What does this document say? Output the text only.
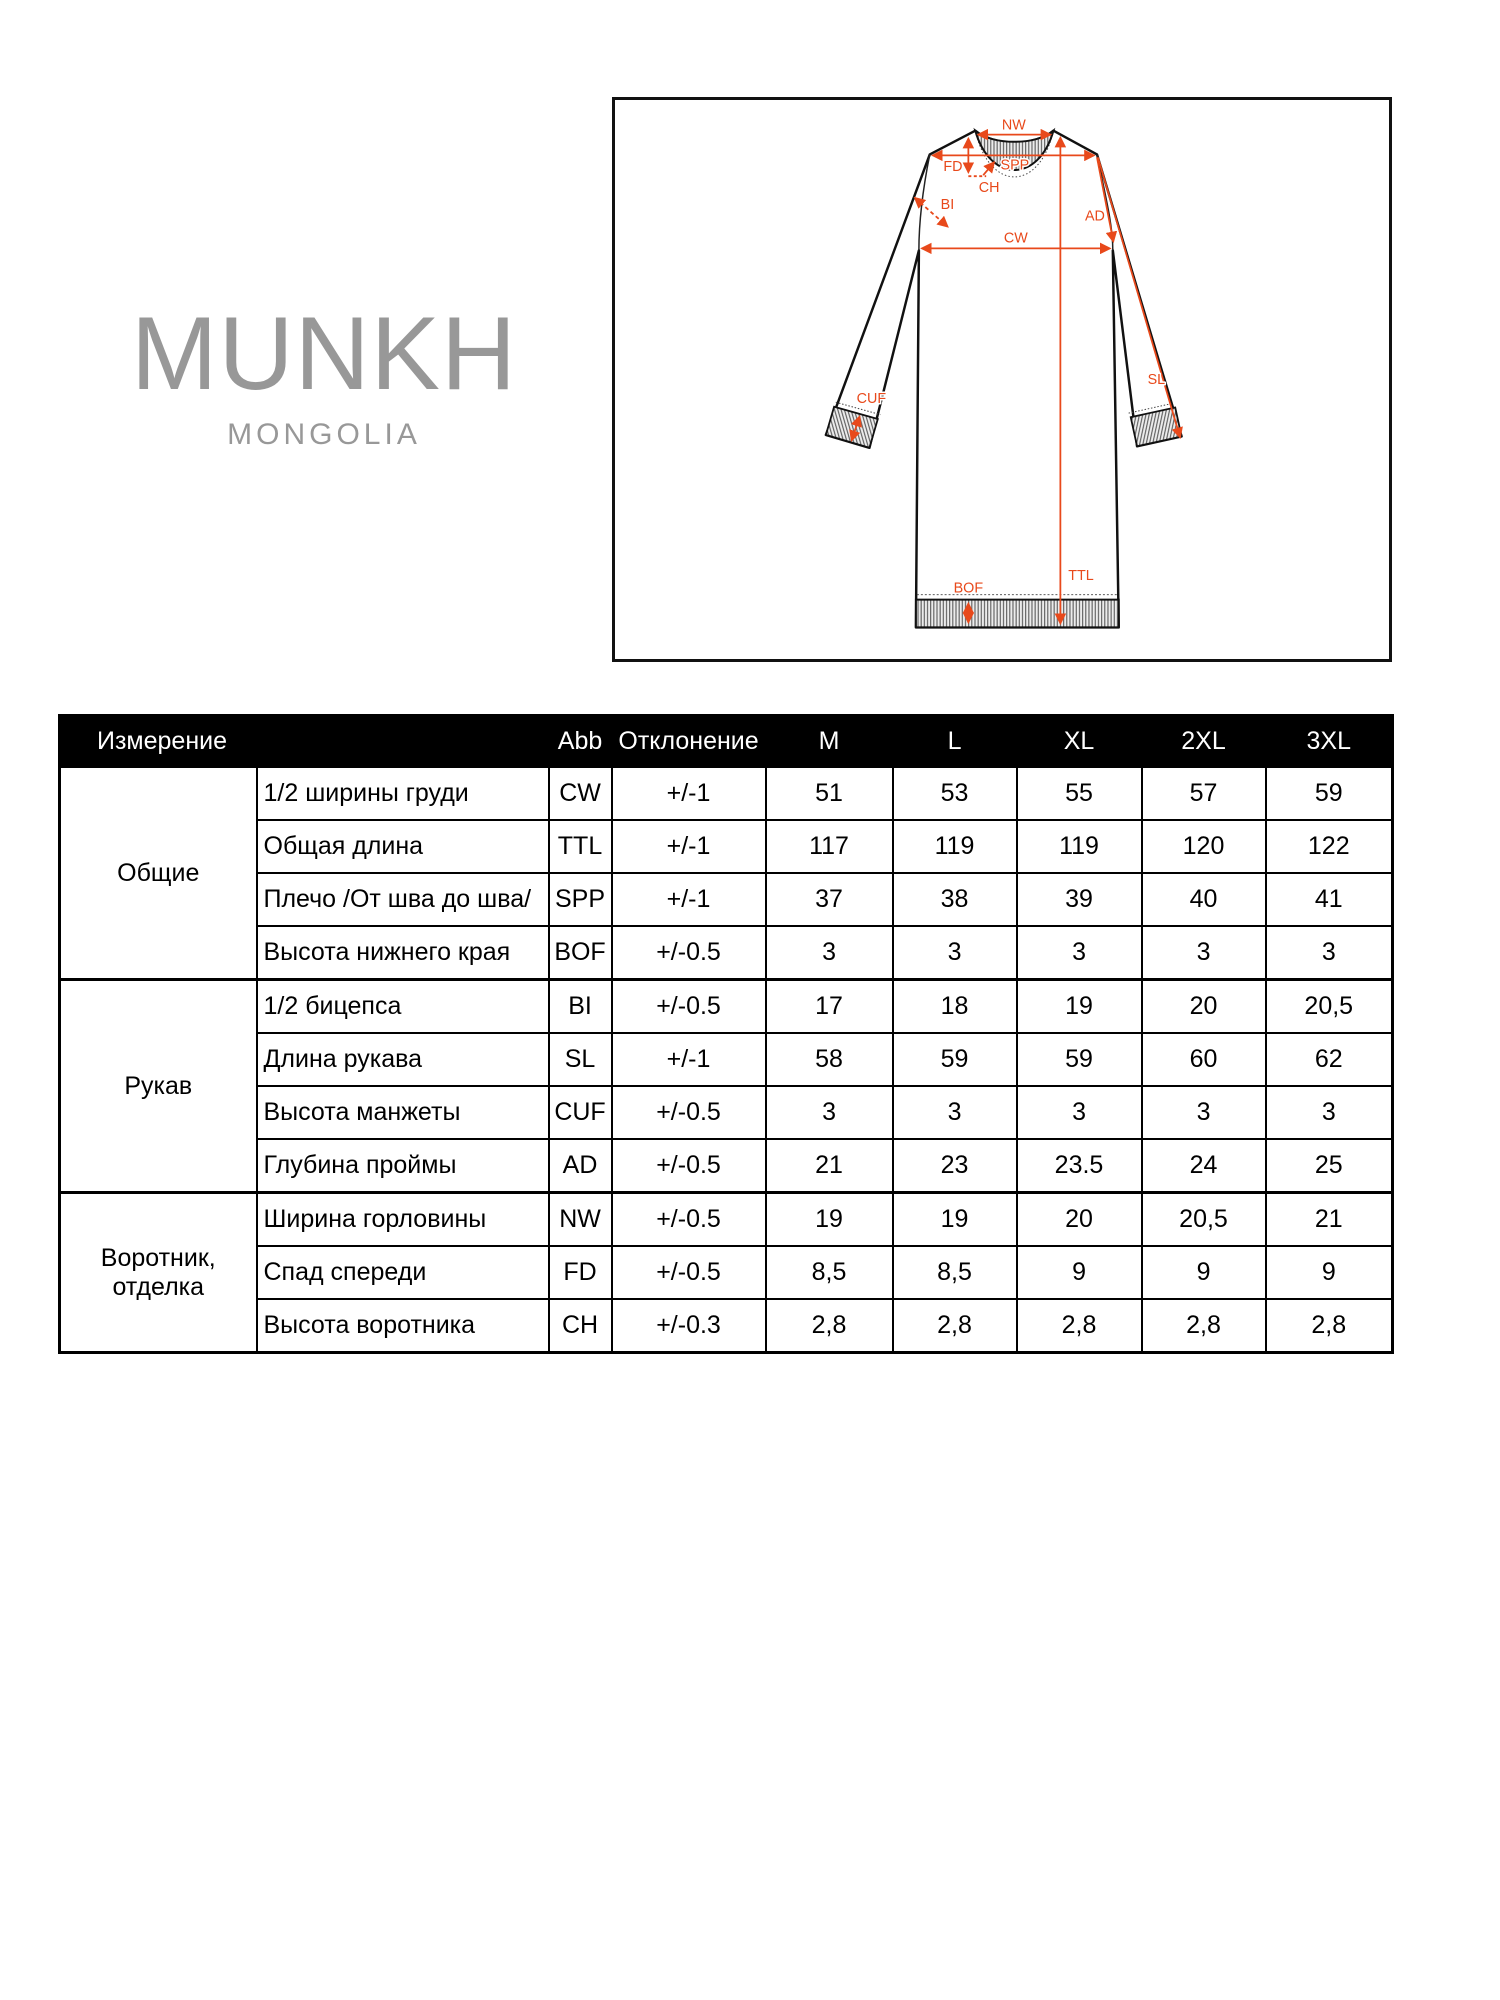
MUNKH
MONGOLIA
NW
SPP
FD
CH
BI
AD
CW
SL
TTL
CUF
BOF
Измерение		Abb	Отклонение	M	L	XL	2XL	3XL
Общие	1/2 ширины груди	CW	+/-1	51	53	55	57	59
	Общая длина	TTL	+/-1	117	119	119	120	122
	Плечо /От шва до шва/	SPP	+/-1	37	38	39	40	41
	Высота нижнего края	BOF	+/-0.5	3	3	3	3	3
Рукав	1/2 бицепса	BI	+/-0.5	17	18	19	20	20,5
	Длина рукава	SL	+/-1	58	59	59	60	62
	Высота манжеты	CUF	+/-0.5	3	3	3	3	3
	Глубина проймы	AD	+/-0.5	21	23	23.5	24	25
Воротник, отделка	Ширина горловины	NW	+/-0.5	19	19	20	20,5	21
	Спад спереди	FD	+/-0.5	8,5	8,5	9	9	9
	Высота воротника	CH	+/-0.3	2,8	2,8	2,8	2,8	2,8
